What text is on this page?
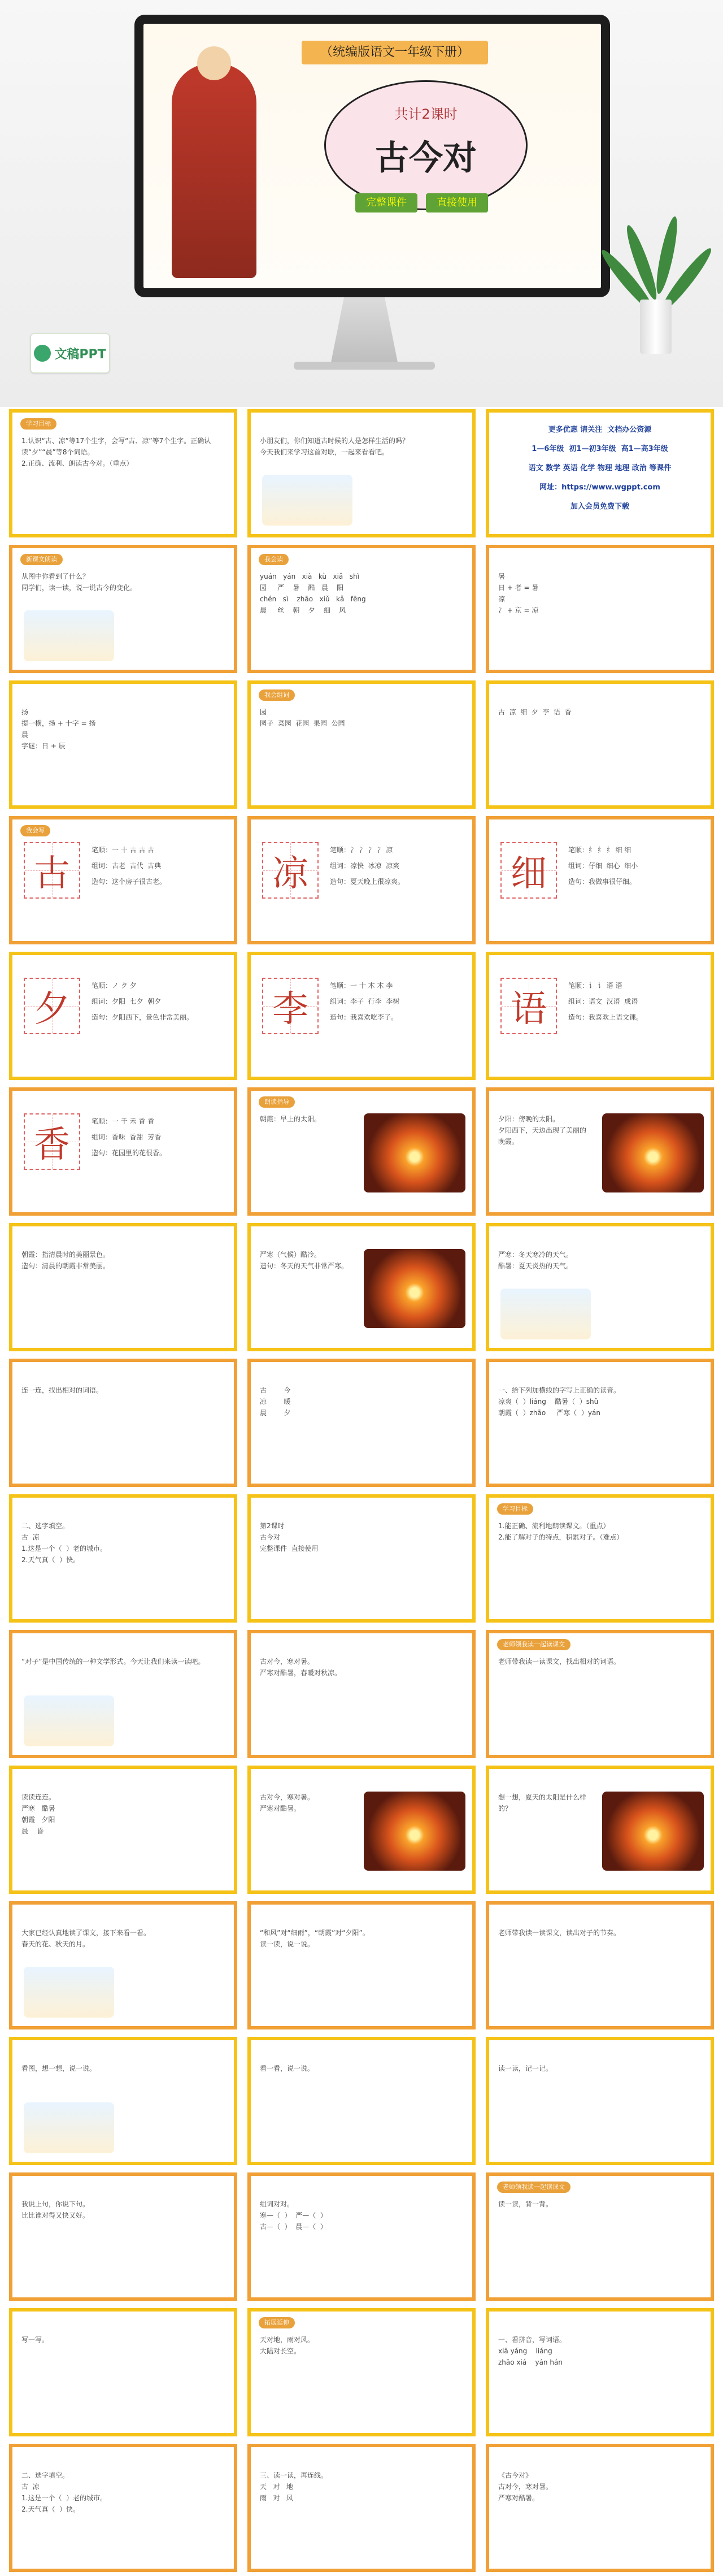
（统编版语文一年级下册）
共计2课时
古今对
完整课件	直接使用
文稿PPT
学习目标
1.认识“古、凉”等17个生字，会写“古、凉”等7个生字。正确认读“夕”“晨”等8个词语。
2.正确、流利、朗读古今对。（重点）
小朋友们，你们知道古时候的人是怎样生活的吗？
今天我们来学习这首对联，一起来看看吧。
更多优惠 请关注  文档办公资源
1—6年级  初1—初3年级  高1—高3年级
语文 数学 英语 化学 物理 地理 政治 等课件
网址：https://www.wgppt.com
加入会员免费下载
新课文朗读
从图中你看到了什么？
同学们，读一读，说一说古今的变化。
我会读
yuán   yán   xià   kù   xiǎ   shì
园     严    暑    酷   晨    阳
chén   sì    zhāo   xiǔ   kǎ   fēng
晨     丝    朝    夕    细    风
暑
日 + 者 = 暑
凉
冫 + 京 = 凉
扬
提一横，扬 + 十字 = 扬
晨
字谜：日 + 辰
我会组词
园
园子  菜园  花园  果园  公园
古  凉  细  夕  李  语  香
我会写
古
笔顺：一 十 古 古 古
组词：古老  古代  古典
造句：这个房子很古老。	凉
笔顺：冫 冫 冫 冫 凉
组词：凉快  冰凉  凉爽
造句：夏天晚上很凉爽。	细
笔顺：纟 纟 纟 细 细
组词：仔细  细心  细小
造句：我做事很仔细。
夕
笔顺：ノ ク 夕
组词：夕阳  七夕  朝夕
造句：夕阳西下，景色非常美丽。	李
笔顺：一 十 木 木 李
组词：李子  行李  李树
造句：我喜欢吃李子。	语
笔顺：讠 讠 语 语
组词：语文  汉语  成语
造句：我喜欢上语文课。
香
笔顺：一 千 禾 香 香
组词：香味  香甜  芳香
造句：花园里的花很香。
朗读指导
朝霞：早上的太阳。	夕阳：傍晚的太阳。
夕阳西下，天边出现了美丽的晚霞。
朝霞：指清晨时的美丽景色。
造句：清晨的朝霞非常美丽。
严寒（气候）酷冷。
造句：冬天的天气非常严寒。
严寒：冬天寒冷的天气。
酷暑：夏天炎热的天气。
连一连，找出相对的词语。	古        今
凉        暖
晨        夕
一、给下列加横线的字写上正确的读音。
凉爽（  ）liáng    酷暑（  ）shǔ
朝霞（  ）zhāo     严寒（  ）yán
二、选字填空。
古  凉
1.这是一个（  ）老的城市。
2.天气真（  ）快。
第2课时
古今对
完整课件  直接使用
学习目标
1.能正确、流利地朗读课文。（重点）
2.能了解对子的特点，积累对子。（难点）
“对子”是中国传统的一种文学形式。今天让我们来读一读吧。	古对今，寒对暑。
严寒对酷暑，春暖对秋凉。
老师领我读一起读课文
老师带我读一读课文，找出相对的词语。
读读连连。
严寒   酷暑
朝霞   夕阳
晨    昏
古对今，寒对暑。
严寒对酷暑。
想一想，夏天的太阳是什么样的？
大家已经认真地读了课文，接下来看一看。
春天的花、秋天的月。
“和风”对“细雨”，“朝霞”对“夕阳”。
读一读，说一说。
老师带我读一读课文，读出对子的节奏。
看图，想一想，说一说。	看一看，说一说。	读一读，记一记。
我说上句，你说下句。
比比谁对得又快又好。
组词对对。
寒—（  ）  严—（  ）
古—（  ）  晨—（  ）
老师领我读一起读课文
读一读，背一背。
写一写。
拓展延伸
天对地，雨对风。
大陆对长空。
一、看拼音，写词语。
xiā yáng    liáng
zhāo xiá    yán hán
二、选字填空。
古  凉
1.这是一个（  ）老的城市。
2.天气真（  ）快。
三、读一读，再连线。
天   对   地
雨   对   风
《古今对》
古对今，寒对暑。
严寒对酷暑。
